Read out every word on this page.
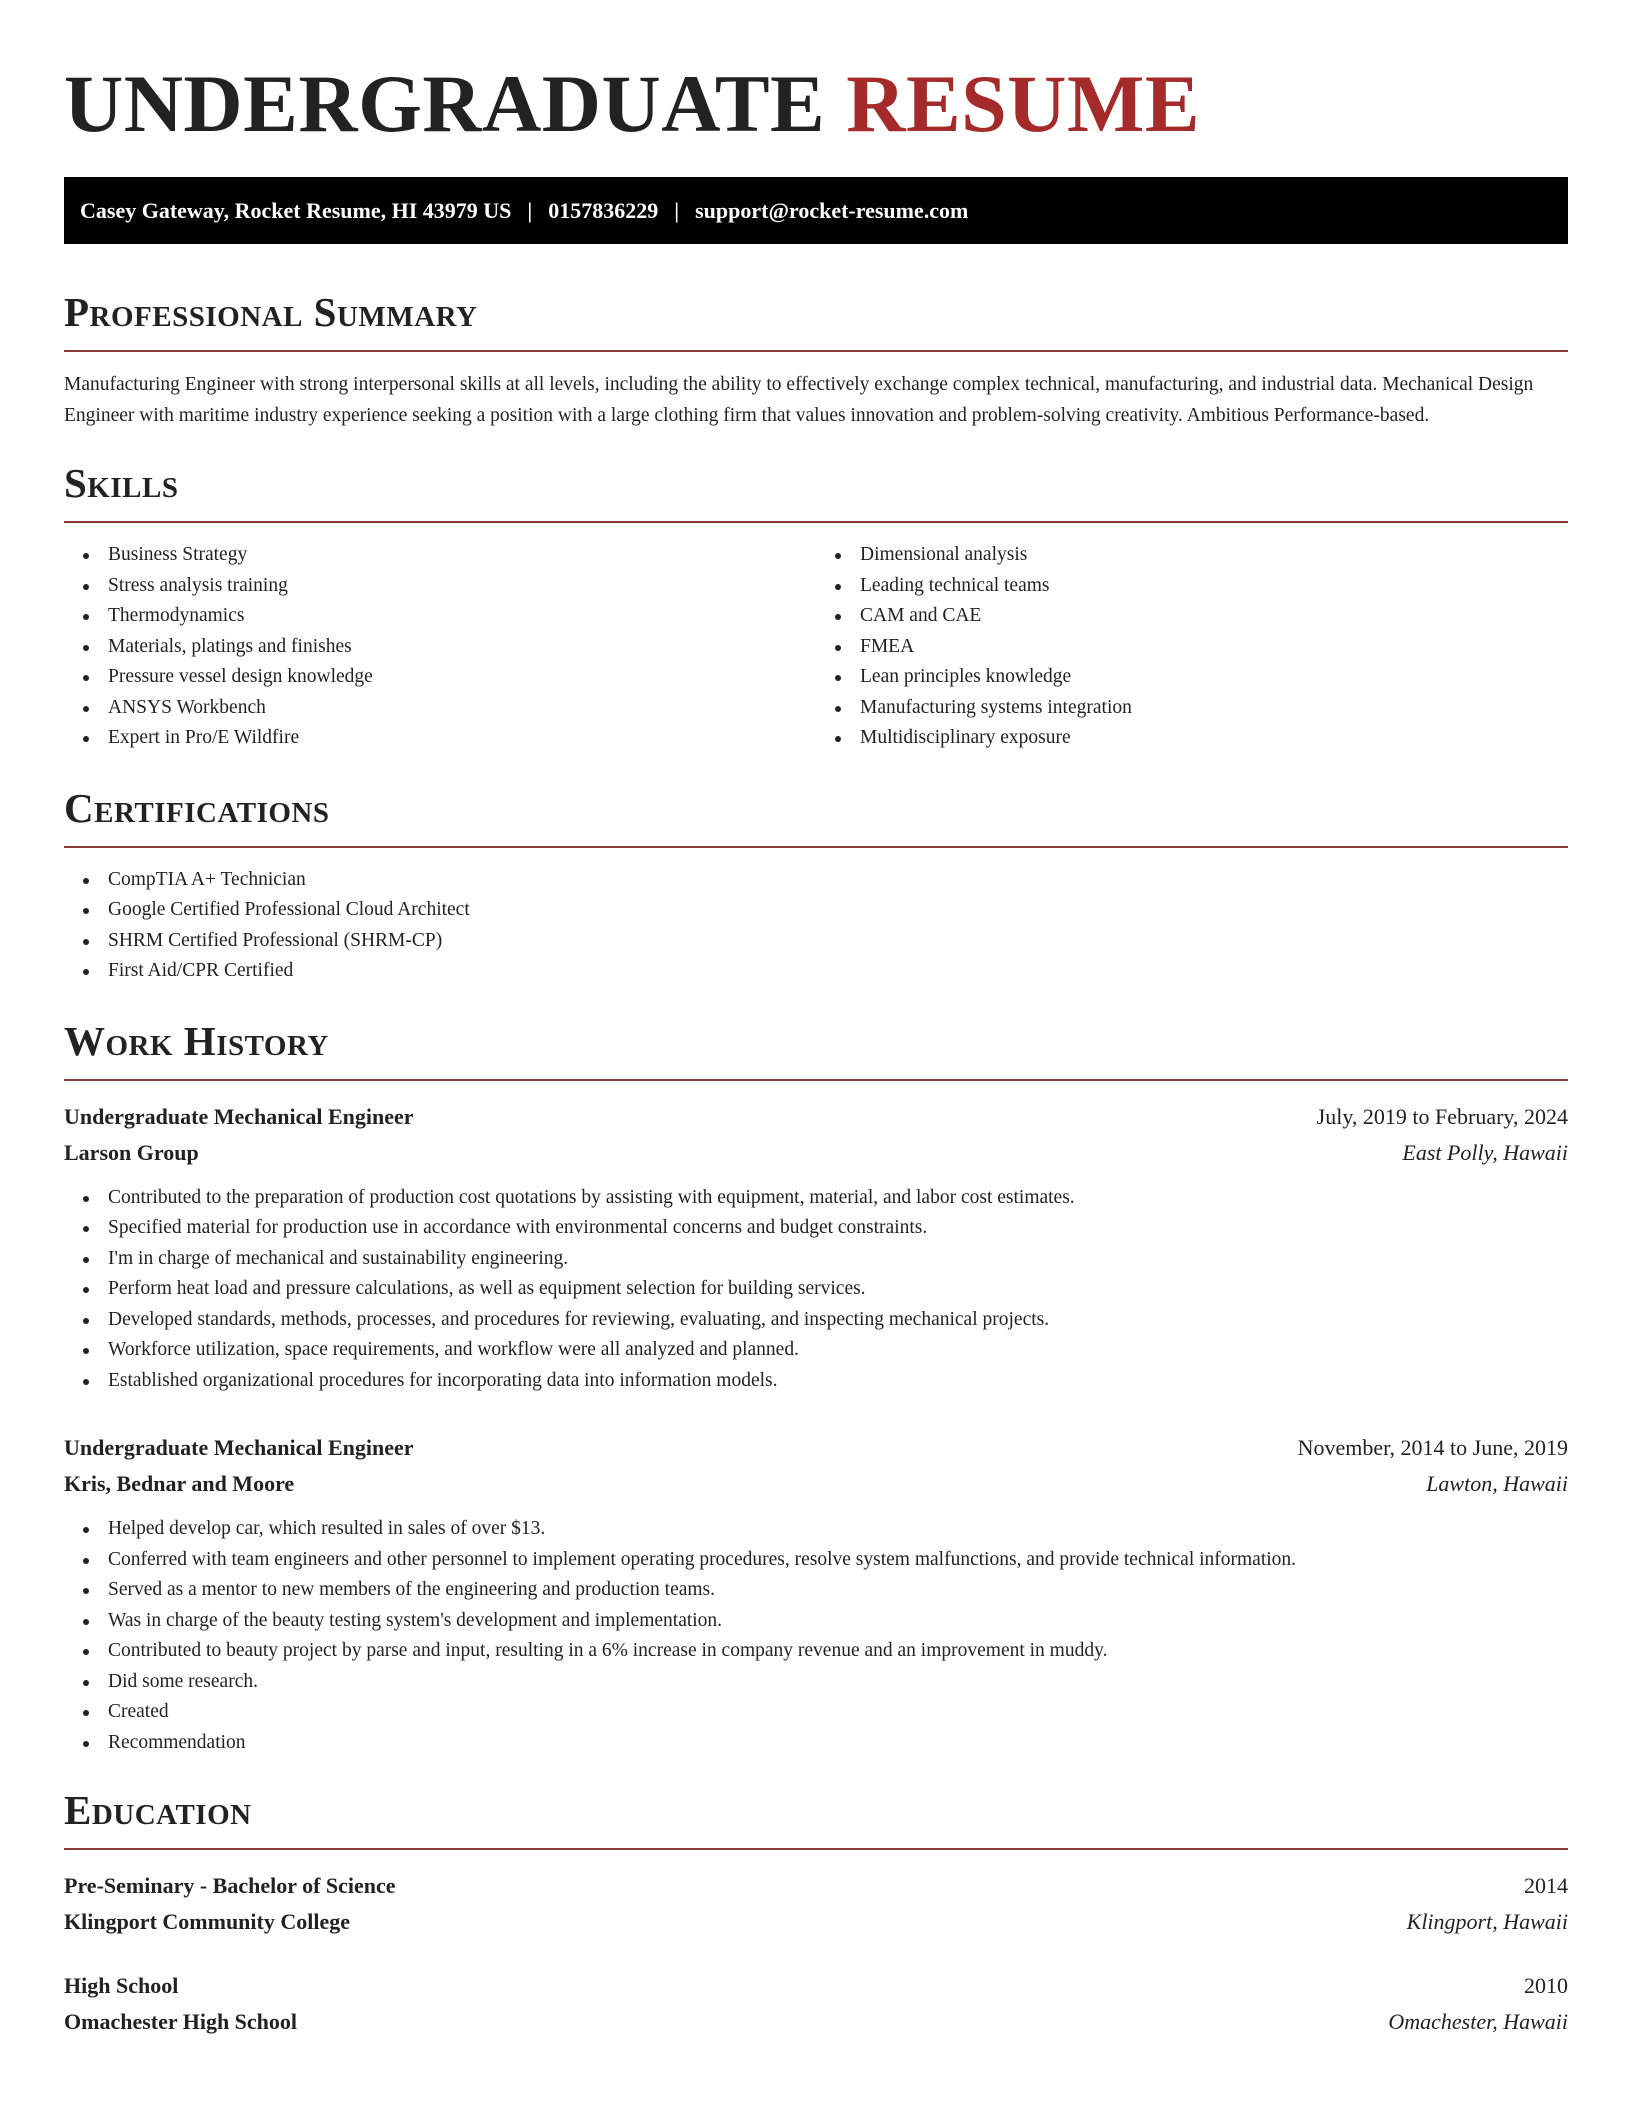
UNDERGRADUATE RESUME
Casey Gateway, Rocket Resume, HI 43979 US | 0157836229 | support@rocket-resume.com
Professional Summary

Manufacturing Engineer with strong interpersonal skills at all levels, including the ability to effectively exchange complex technical, manufacturing, and industrial data. Mechanical Design Engineer with maritime industry experience seeking a position with a large clothing firm that values innovation and problem-solving creativity. Ambitious Performance-based.

Skills
Business Strategy
Stress analysis training
Thermodynamics
Materials, platings and finishes
Pressure vessel design knowledge
ANSYS Workbench
Expert in Pro/E Wildfire
Dimensional analysis
Leading technical teams
CAM and CAE
FMEA
Lean principles knowledge
Manufacturing systems integration
Multidisciplinary exposure
Certifications
CompTIA A+ Technician
Google Certified Professional Cloud Architect
SHRM Certified Professional (SHRM-CP)
First Aid/CPR Certified
Work History
Undergraduate Mechanical Engineer	July, 2019 to February, 2024
Larson Group	East Polly, Hawaii
Contributed to the preparation of production cost quotations by assisting with equipment, material, and labor cost estimates.
Specified material for production use in accordance with environmental concerns and budget constraints.
I'm in charge of mechanical and sustainability engineering.
Perform heat load and pressure calculations, as well as equipment selection for building services.
Developed standards, methods, processes, and procedures for reviewing, evaluating, and inspecting mechanical projects.
Workforce utilization, space requirements, and workflow were all analyzed and planned.
Established organizational procedures for incorporating data into information models.
Undergraduate Mechanical Engineer	November, 2014 to June, 2019
Kris, Bednar and Moore	Lawton, Hawaii
Helped develop car, which resulted in sales of over $13.
Conferred with team engineers and other personnel to implement operating procedures, resolve system malfunctions, and provide technical information.
Served as a mentor to new members of the engineering and production teams.
Was in charge of the beauty testing system's development and implementation.
Contributed to beauty project by parse and input, resulting in a 6% increase in company revenue and an improvement in muddy.
Did some research.
Created
Recommendation
Education
Pre-Seminary - Bachelor of Science	2014
Klingport Community College	Klingport, Hawaii
High School	2010
Omachester High School	Omachester, Hawaii
